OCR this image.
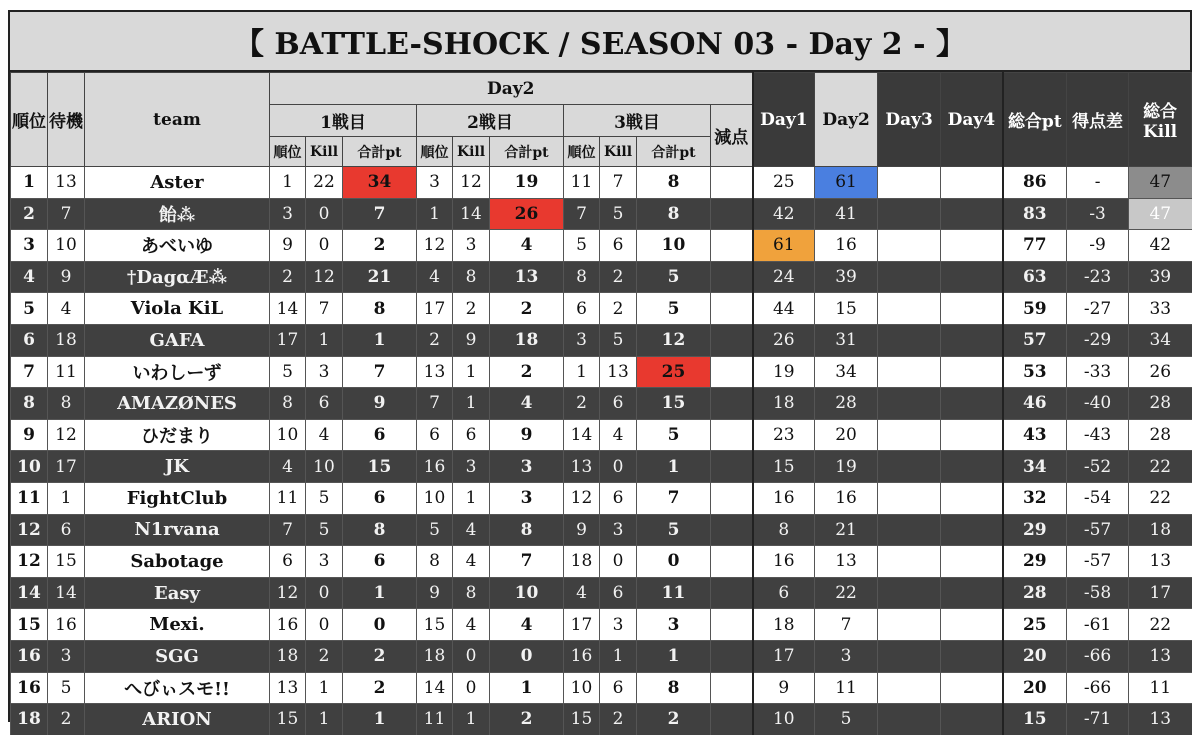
【 BATTLE-SHOCK / SEASON 03 - Day 2 - 】
順位	待機	team	Day2										Day1	Day2	Day3	Day4	総合pt	得点差	総合Kill
			1戦目			2戦目			3戦目			減点							
			順位	Kill	合計pt	順位	Kill	合計pt	順位	Kill	合計pt								
1	13	Aster	1	22	34	3	12	19	11	7	8		25	61			86	-	47
2	7	飴⁂	3	0	7	1	14	26	7	5	8		42	41			83	-3	47
3	10	あべいゆ	9	0	2	12	3	4	5	6	10		61	16			77	-9	42
4	9	†DagαÆ⁂	2	12	21	4	8	13	8	2	5		24	39			63	-23	39
5	4	Viola KiL	14	7	8	17	2	2	6	2	5		44	15			59	-27	33
6	18	GAFA	17	1	1	2	9	18	3	5	12		26	31			57	-29	34
7	11	いわしーず	5	3	7	13	1	2	1	13	25		19	34			53	-33	26
8	8	AMAZØNES	8	6	9	7	1	4	2	6	15		18	28			46	-40	28
9	12	ひだまり	10	4	6	6	6	9	14	4	5		23	20			43	-43	28
10	17	JK	4	10	15	16	3	3	13	0	1		15	19			34	-52	22
11	1	FightClub	11	5	6	10	1	3	12	6	7		16	16			32	-54	22
12	6	N1rvana	7	5	8	5	4	8	9	3	5		8	21			29	-57	18
12	15	Sabotage	6	3	6	8	4	7	18	0	0		16	13			29	-57	13
14	14	Easy	12	0	1	9	8	10	4	6	11		6	22			28	-58	17
15	16	Mexi.	16	0	0	15	4	4	17	3	3		18	7			25	-61	22
16	3	SGG	18	2	2	18	0	0	16	1	1		17	3			20	-66	13
16	5	へびぃスモ!!	13	1	2	14	0	1	10	6	8		9	11			20	-66	11
18	2	ARION	15	1	1	11	1	2	15	2	2		10	5			15	-71	13
